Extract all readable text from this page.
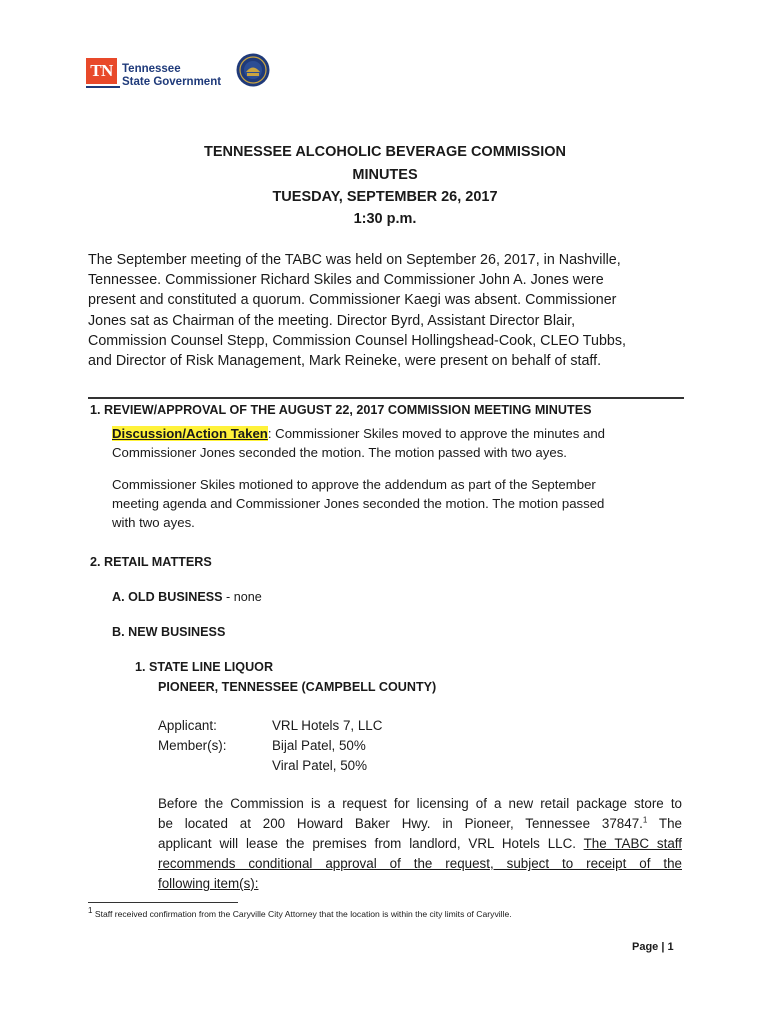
TN Tennessee
State Government
TENNESSEE ALCOHOLIC BEVERAGE COMMISSION
MINUTES
TUESDAY, SEPTEMBER 26, 2017
1:30 p.m.
The September meeting of the TABC was held on September 26, 2017, in Nashville,
Tennessee. Commissioner Richard Skiles and Commissioner John A. Jones were
present and constituted a quorum. Commissioner Kaegi was absent. Commissioner
Jones sat as Chairman of the meeting. Director Byrd, Assistant Director Blair,
Commission Counsel Stepp, Commission Counsel Hollingshead-Cook, CLEO Tubbs,
and Director of Risk Management, Mark Reineke, were present on behalf of staff.
1. REVIEW/APPROVAL OF THE AUGUST 22, 2017 COMMISSION MEETING MINUTES
Discussion/Action Taken: Commissioner Skiles moved to approve the minutes and
Commissioner Jones seconded the motion. The motion passed with two ayes.
Commissioner Skiles motioned to approve the addendum as part of the September
meeting agenda and Commissioner Jones seconded the motion. The motion passed
with two ayes.
2. RETAIL MATTERS
A. OLD BUSINESS - none
B. NEW BUSINESS
1. STATE LINE LIQUOR
PIONEER, TENNESSEE (CAMPBELL COUNTY)
Applicant:	VRL Hotels 7, LLC
Member(s):	Bijal Patel, 50%
Viral Patel, 50%
Before the Commission is a request for licensing of a new retail package store to
be located at 200 Howard Baker Hwy. in Pioneer, Tennessee 37847.$^1$ The
applicant will lease the premises from landlord, VRL Hotels LLC. The TABC staff
recommends conditional approval of the request, subject to receipt of the
following item(s):
$^1$ Staff received confirmation from the Caryville City Attorney that the location is within the city limits of Caryville.
Page | 1
